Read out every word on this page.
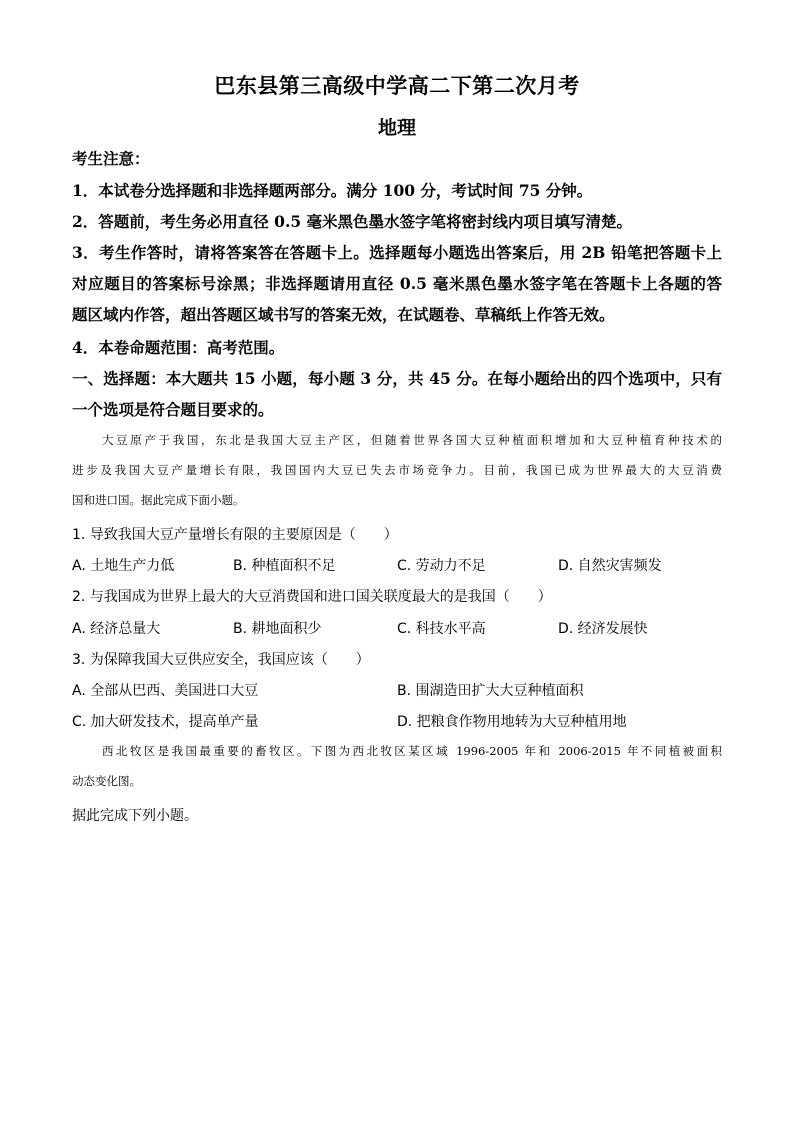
巴东县第三高级中学高二下第二次月考
地理
考生注意：
1．本试卷分选择题和非选择题两部分。满分 100 分，考试时间 75 分钟。
2．答题前，考生务必用直径 0.5 毫米黑色墨水签字笔将密封线内项目填写清楚。
3．考生作答时，请将答案答在答题卡上。选择题每小题选出答案后，用 2B 铅笔把答题卡上
对应题目的答案标号涂黑；非选择题请用直径 0.5 毫米黑色墨水签字笔在答题卡上各题的答
题区域内作答，超出答题区域书写的答案无效，在试题卷、草稿纸上作答无效。
4．本卷命题范围：高考范围。
一、选择题：本大题共 15 小题，每小题 3 分，共 45 分。在每小题给出的四个选项中，只有
一个选项是符合题目要求的。
大豆原产于我国，东北是我国大豆主产区，但随着世界各国大豆种植面积增加和大豆种植育种技术的
进步及我国大豆产量增长有限，我国国内大豆已失去市场竞争力。目前，我国已成为世界最大的大豆消费
国和进口国。据此完成下面小题。
1. 导致我国大豆产量增长有限的主要原因是（　　）
A. 土地生产力低	B. 种植面积不足	C. 劳动力不足	D. 自然灾害频发
2. 与我国成为世界上最大的大豆消费国和进口国关联度最大的是我国（　　）
A. 经济总量大	B. 耕地面积少	C. 科技水平高	D. 经济发展快
3. 为保障我国大豆供应安全，我国应该（　　）
A. 全部从巴西、美国进口大豆	B. 围湖造田扩大大豆种植面积
C. 加大研发技术，提高单产量	D. 把粮食作物用地转为大豆种植用地
西北牧区是我国最重要的畜牧区。下图为西北牧区某区域 1996-2005 年和 2006-2015 年不同植被面积
动态变化图。
据此完成下列小题。
